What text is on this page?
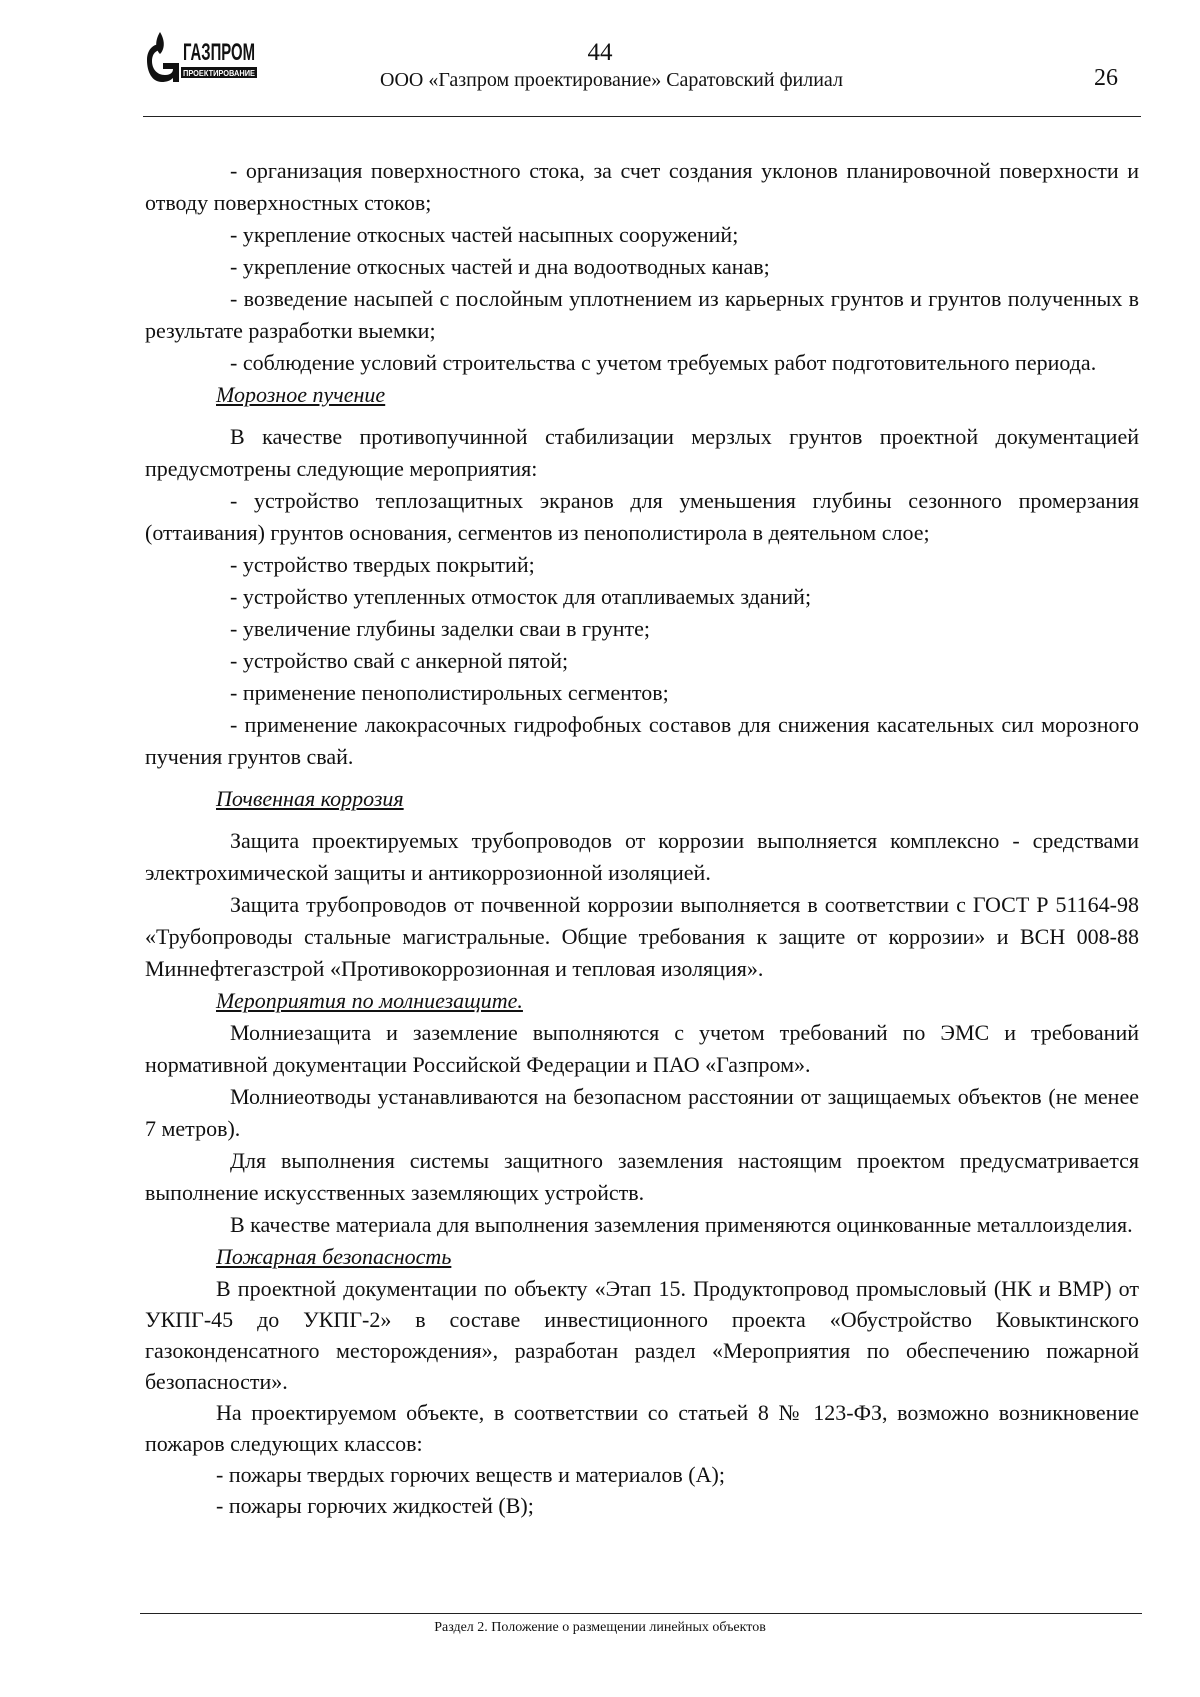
44
ГАЗПРОМ
ПРОЕКТИРОВАНИЕ	ООО «Газпром проектирование» Саратовский филиал	26

- организация поверхностного стока, за счет создания уклонов планировочной поверхности и отводу поверхностных стоков;

- укрепление откосных частей насыпных сооружений;

- укрепление откосных частей и дна водоотводных канав;

- возведение насыпей с послойным уплотнением из карьерных грунтов и грунтов полученных в результате разработки выемки;

- соблюдение условий строительства с учетом требуемых работ подготовительного периода.

Морозное пучение

В качестве противопучинной стабилизации мерзлых грунтов проектной документацией предусмотрены следующие мероприятия:

- устройство теплозащитных экранов для уменьшения глубины сезонного промерзания (оттаивания) грунтов основания, сегментов из пенополистирола в деятельном слое;

- устройство твердых покрытий;

- устройство утепленных отмосток для отапливаемых зданий;

- увеличение глубины заделки сваи в грунте;

- устройство свай с анкерной пятой;

- применение пенополистирольных сегментов;

- применение лакокрасочных гидрофобных составов для снижения касательных сил морозного пучения грунтов свай.

Почвенная коррозия

Защита проектируемых трубопроводов от коррозии выполняется комплексно - средствами электрохимической защиты и антикоррозионной изоляцией.

Защита трубопроводов от почвенной коррозии выполняется в соответствии с ГОСТ Р 51164-98 «Трубопроводы стальные магистральные. Общие требования к защите от коррозии» и ВСН 008-88 Миннефтегазстрой «Противокоррозионная и тепловая изоляция».

Мероприятия по молниезащите.

Молниезащита и заземление выполняются с учетом требований по ЭМС и требований нормативной документации Российской Федерации и ПАО «Газпром».

Молниеотводы устанавливаются на безопасном расстоянии от защищаемых объектов (не менее 7 метров).

Для выполнения системы защитного заземления настоящим проектом предусматривается выполнение искусственных заземляющих устройств.

В качестве материала для выполнения заземления применяются оцинкованные металлоизделия.

Пожарная безопасность

В проектной документации по объекту «Этап 15. Продуктопровод промысловый (НК и ВМР) от УКПГ-45 до УКПГ-2» в составе инвестиционного проекта «Обустройство Ковыктинского газоконденсатного месторождения», разработан раздел «Мероприятия по обеспечению пожарной безопасности».

На проектируемом объекте, в соответствии со статьей 8 № 123-ФЗ, возможно возникновение пожаров следующих классов:

- пожары твердых горючих веществ и материалов (А);

- пожары горючих жидкостей (В);

Раздел 2. Положение о размещении линейных объектов
